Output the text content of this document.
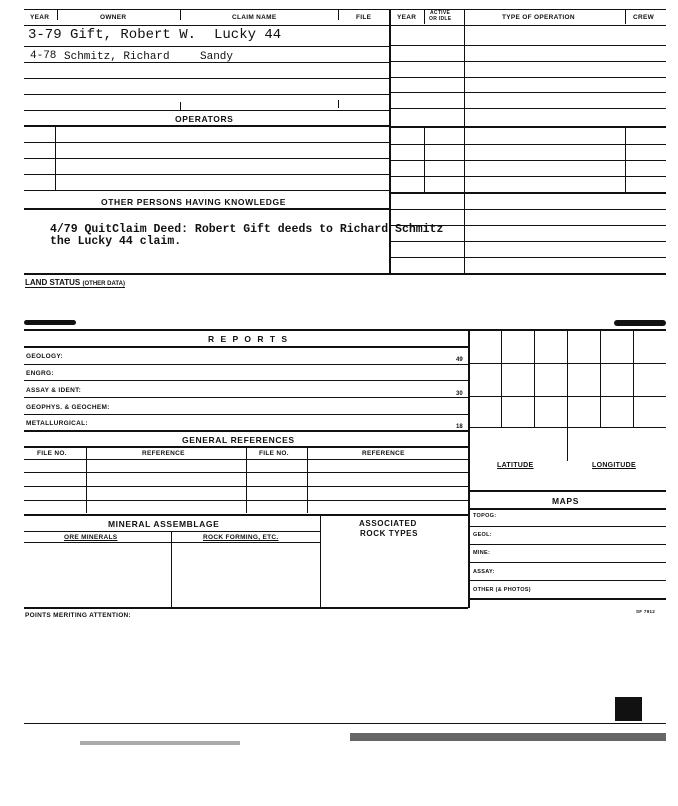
YEAR	OWNER	CLAIM NAME	FILE	YEAR
ACTIVE
OR IDLE	TYPE OF OPERATION	CREW
3-79 Gift, Robert W. Lucky 44
4-78 Schmitz, Richard	Sandy
OPERATORS
OTHER PERSONS HAVING KNOWLEDGE
4/79 QuitClaim Deed: Robert Gift deeds to Richard Schmitz
the Lucky 44 claim.
LAND STATUS (OTHER DATA)
R E P O R T S
GEOLOGY:	49
ENGRG:
ASSAY & IDENT:	30
GEOPHYS. & GEOCHEM:
METALLURGICAL:	18
GENERAL REFERENCES
FILE NO.	REFERENCE	FILE NO.	REFERENCE
MINERAL ASSEMBLAGE
ORE MINERALS	ROCK FORMING, ETC.
ASSOCIATED
ROCK TYPES
LATITUDE	LONGITUDE
MAPS
TOPOG:
GEOL:
MINE:
ASSAY:
OTHER (& PHOTOS)
POINTS MERITING ATTENTION:
SF 7912
